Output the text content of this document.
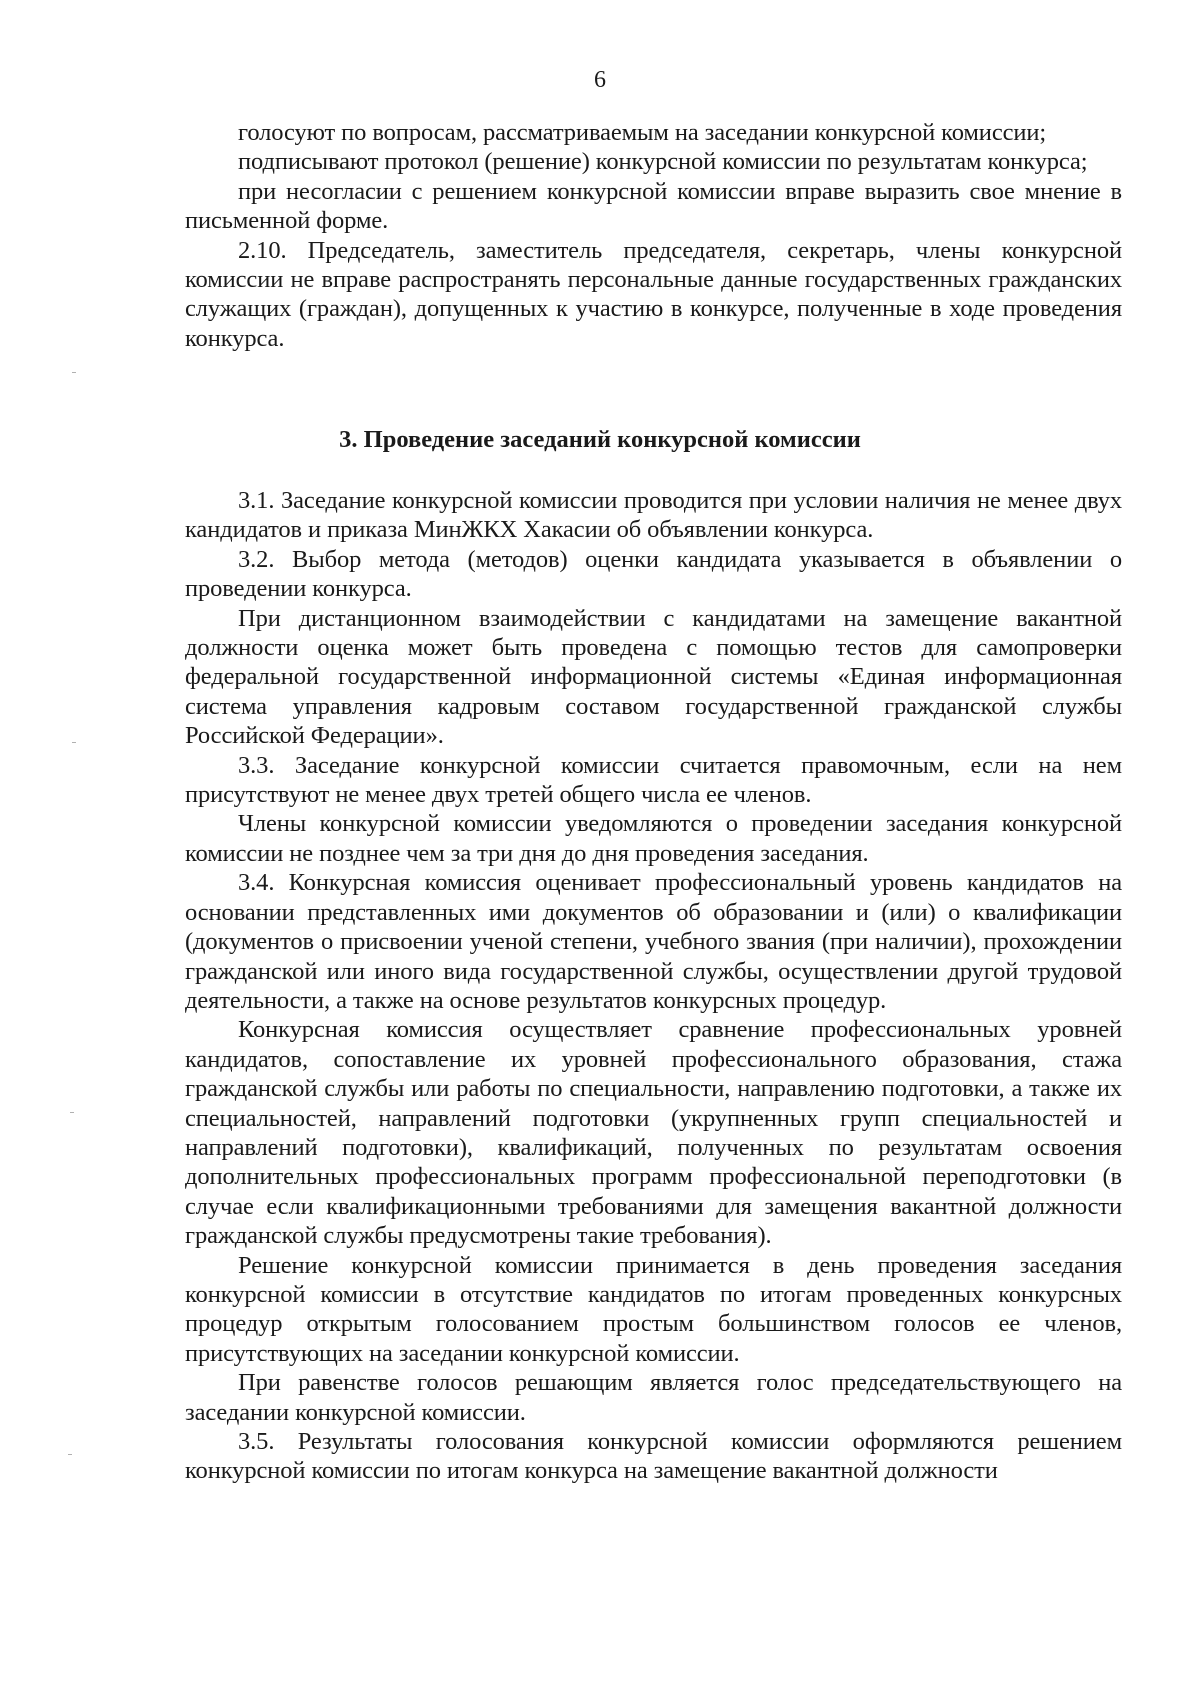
6

голосуют по вопросам, рассматриваемым на заседании конкурсной комиссии;

подписывают протокол (решение) конкурсной комиссии по результатам конкурса;

при несогласии с решением конкурсной комиссии вправе выразить свое мнение в письменной форме.

2.10. Председатель, заместитель председателя, секретарь, члены конкурсной комиссии не вправе распространять персональные данные государственных гражданских служащих (граждан), допущенных к участию в конкурсе, полученные в ходе проведения конкурса.

3. Проведение заседаний конкурсной комиссии

3.1. Заседание конкурсной комиссии проводится при условии наличия не менее двух кандидатов и приказа МинЖКХ Хакасии об объявлении конкурса.

3.2. Выбор метода (методов) оценки кандидата указывается в объявлении о проведении конкурса.

При дистанционном взаимодействии с кандидатами на замещение вакантной должности оценка может быть проведена с помощью тестов для самопроверки федеральной государственной информационной системы «Единая информационная система управления кадровым составом государственной гражданской службы Российской Федерации».

3.3. Заседание конкурсной комиссии считается правомочным, если на нем присутствуют не менее двух третей общего числа ее членов.

Члены конкурсной комиссии уведомляются о проведении заседания конкурсной комиссии не позднее чем за три дня до дня проведения заседания.

3.4. Конкурсная комиссия оценивает профессиональный уровень кандидатов на основании представленных ими документов об образовании и (или) о квалификации (документов о присвоении ученой степени, учебного звания (при наличии), прохождении гражданской или иного вида государственной службы, осуществлении другой трудовой деятельности, а также на основе результатов конкурсных процедур.

Конкурсная комиссия осуществляет сравнение профессиональных уровней кандидатов, сопоставление их уровней профессионального образования, стажа гражданской службы или работы по специальности, направлению подготовки, а также их специальностей, направлений подготовки (укрупненных групп специальностей и направлений подготовки), квалификаций, полученных по результатам освоения дополнительных профессиональных программ профессиональной переподготовки (в случае если квалификационными требованиями для замещения вакантной должности гражданской службы предусмотрены такие требования).

Решение конкурсной комиссии принимается в день проведения заседания конкурсной комиссии в отсутствие кандидатов по итогам проведенных конкурсных процедур открытым голосованием простым большинством голосов ее членов, присутствующих на заседании конкурсной комиссии.

При равенстве голосов решающим является голос председательствующего на заседании конкурсной комиссии.

3.5. Результаты голосования конкурсной комиссии оформляются решением конкурсной комиссии по итогам конкурса на замещение вакантной должности
